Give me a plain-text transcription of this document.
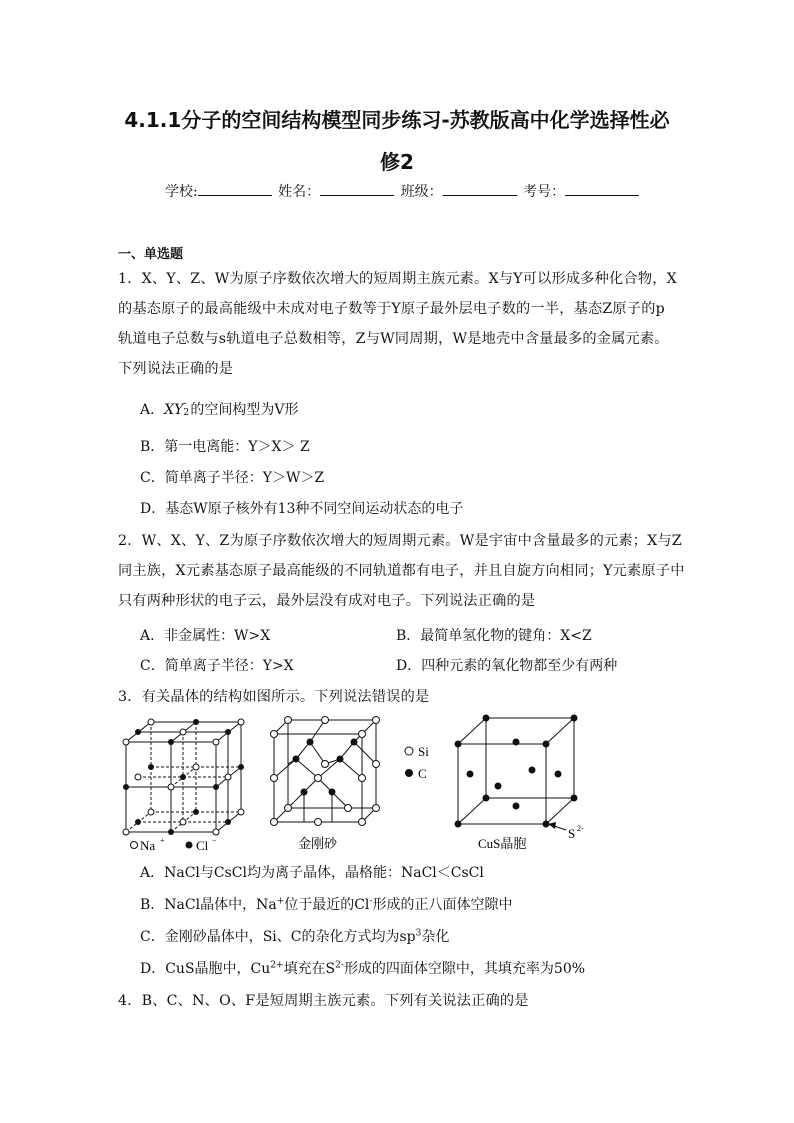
4.1.1分子的空间结构模型同步练习-苏教版高中化学选择性必
修2
学校:	姓名：	班级：	考号：
一、单选题
1．X、Y、Z、W为原子序数依次增大的短周期主族元素。X与Y可以形成多种化合物，X
的基态原子的最高能级中未成对电子数等于Y原子最外层电子数的一半，基态Z原子的p
轨道电子总数与s轨道电子总数相等，Z与W同周期，W是地壳中含量最多的金属元素。
下列说法正确的是
A．XY -
2 的空间构型为V形
B．第一电离能：Y＞X＞ Z
C．简单离子半径：Y＞W＞Z
D．基态W原子核外有13种不同空间运动状态的电子
2．W、X、Y、Z为原子序数依次增大的短周期元素。W是宇宙中含量最多的元素；X与Z
同主族，X元素基态原子最高能级的不同轨道都有电子，并且自旋方向相同；Y元素原子中
只有两种形状的电子云，最外层没有成对电子。下列说法正确的是
A．非金属性：W>X	B．最简单氢化物的键角：X<Z
C．简单离子半径：Y>X	D．四种元素的氧化物都至少有两种
3．有关晶体的结构如图所示。下列说法错误的是
Na + Cl −
Si
C
金刚砂
S 2-
CuS晶胞
A．NaCl与CsCl均为离子晶体，晶格能：NaCl＜CsCl
B．NaCl晶体中，Na+位于最近的Cl-形成的正八面体空隙中
C．金刚砂晶体中，Si、C的杂化方式均为$sp^3$杂化
D．CuS晶胞中，$Cu^{2+}$填充在$S^{2-}$形成的四面体空隙中，其填充率为50%
4．B、C、N、O、F是短周期主族元素。下列有关说法正确的是
